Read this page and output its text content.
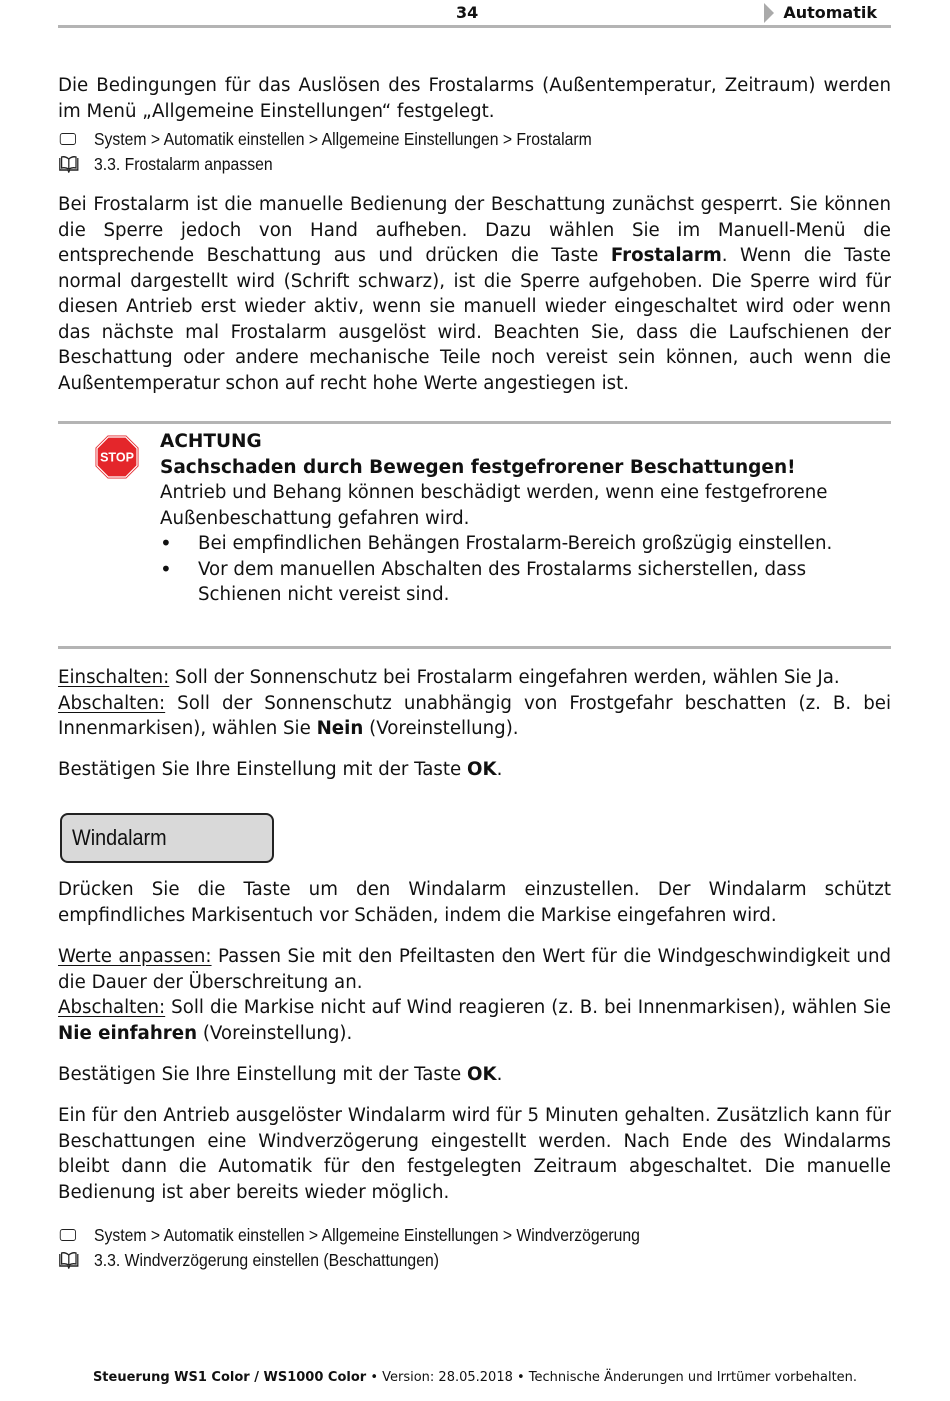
34	Automatik

Die Bedingungen für das Auslösen des Frostalarms (Außentemperatur, Zeitraum) werden im Menü „Allgemeine Einstellungen“ festgelegt.

System > Automatik einstellen > Allgemeine Einstellungen > Frostalarm
3.3. Frostalarm anpassen

Bei Frostalarm ist die manuelle Bedienung der Beschattung zunächst gesperrt. Sie können die Sperre jedoch von Hand aufheben. Dazu wählen Sie im Manuell-Menü die entsprechende Beschattung aus und drücken die Taste Frostalarm. Wenn die Taste normal dargestellt wird (Schrift schwarz), ist die Sperre aufgehoben. Die Sperre wird für diesen Antrieb erst wieder aktiv, wenn sie manuell wieder eingeschaltet wird oder wenn das nächste mal Frostalarm ausgelöst wird. Beachten Sie, dass die Laufschienen der Beschattung oder andere mechanische Teile noch vereist sein können, auch wenn die Außentemperatur schon auf recht hohe Werte angestiegen ist.

STOP

ACHTUNG

Sachschaden durch Bewegen festgefrorener Beschattungen!

Antrieb und Behang können beschädigt werden, wenn eine festgefrorene Außenbeschattung gefahren wird.

• Bei empfindlichen Behängen Frostalarm-Bereich großzügig einstellen.
• Vor dem manuellen Abschalten des Frostalarms sicherstellen, dass Schienen nicht vereist sind.

Einschalten: Soll der Sonnenschutz bei Frostalarm eingefahren werden, wählen Sie Ja.

Abschalten: Soll der Sonnenschutz unabhängig von Frostgefahr beschatten (z. B. bei Innenmarkisen), wählen Sie Nein (Voreinstellung).

Bestätigen Sie Ihre Einstellung mit der Taste OK.

Windalarm

Drücken Sie die Taste um den Windalarm einzustellen. Der Windalarm schützt empfindliches Markisentuch vor Schäden, indem die Markise eingefahren wird.

Werte anpassen: Passen Sie mit den Pfeiltasten den Wert für die Windgeschwindigkeit und die Dauer der Überschreitung an.

Abschalten: Soll die Markise nicht auf Wind reagieren (z. B. bei Innenmarkisen), wählen Sie Nie einfahren (Voreinstellung).

Bestätigen Sie Ihre Einstellung mit der Taste OK.

Ein für den Antrieb ausgelöster Windalarm wird für 5 Minuten gehalten. Zusätzlich kann für Beschattungen eine Windverzögerung eingestellt werden. Nach Ende des Windalarms bleibt dann die Automatik für den festgelegten Zeitraum abgeschaltet. Die manuelle Bedienung ist aber bereits wieder möglich.

System > Automatik einstellen > Allgemeine Einstellungen > Windverzögerung
3.3. Windverzögerung einstellen (Beschattungen)
Steuerung WS1 Color / WS1000 Color • Version: 28.05.2018 • Technische Änderungen und Irrtümer vorbehalten.
